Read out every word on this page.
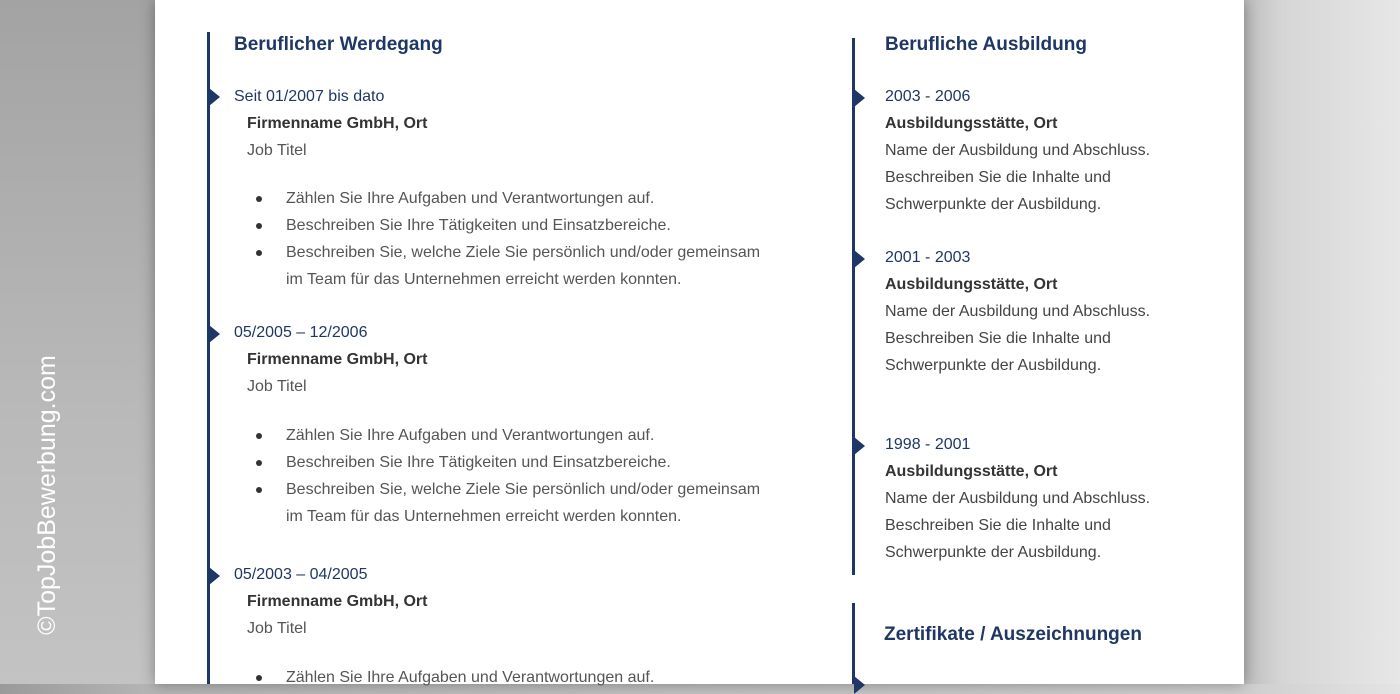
©TopJobBewerbung.com
Beruflicher Werdegang
Seit 01/2007 bis dato
Firmenname GmbH, Ort
Job Titel
Zählen Sie Ihre Aufgaben und Verantwortungen auf.
Beschreiben Sie Ihre Tätigkeiten und Einsatzbereiche.
Beschreiben Sie, welche Ziele Sie persönlich und/oder gemeinsam
im Team für das Unternehmen erreicht werden konnten.
05/2005 – 12/2006
Firmenname GmbH, Ort
Job Titel
Zählen Sie Ihre Aufgaben und Verantwortungen auf.
Beschreiben Sie Ihre Tätigkeiten und Einsatzbereiche.
Beschreiben Sie, welche Ziele Sie persönlich und/oder gemeinsam
im Team für das Unternehmen erreicht werden konnten.
05/2003 – 04/2005
Firmenname GmbH, Ort
Job Titel
Zählen Sie Ihre Aufgaben und Verantwortungen auf.
Berufliche Ausbildung
2003 - 2006
Ausbildungsstätte, Ort
Name der Ausbildung und Abschluss.
Beschreiben Sie die Inhalte und
Schwerpunkte der Ausbildung.
2001 - 2003
Ausbildungsstätte, Ort
Name der Ausbildung und Abschluss.
Beschreiben Sie die Inhalte und
Schwerpunkte der Ausbildung.
1998 - 2001
Ausbildungsstätte, Ort
Name der Ausbildung und Abschluss.
Beschreiben Sie die Inhalte und
Schwerpunkte der Ausbildung.
Zertifikate / Auszeichnungen
